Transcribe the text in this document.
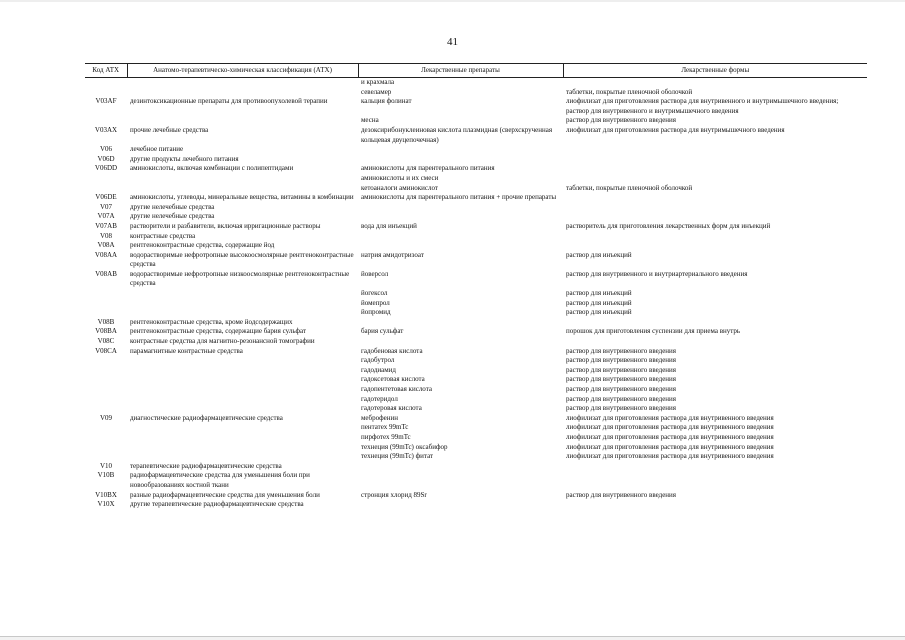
41
Код АТХ	Анатомо-терапевтическо-химическая классификация (АТХ)	Лекарственные препараты	Лекарственные формы
		и крахмала	
		севеламер	таблетки, покрытые пленочной оболочкой
V03AF	дезинтоксикационные препараты для противоопухолевой терапии	кальция фолинат	лиофилизат для приготовления раствора для внутривенного и внутримышечного введения;
			раствор для внутривенного и внутримышечного введения
		месна	раствор для внутривенного введения
V03AX	прочие лечебные средства	дезоксирибонуклеиновая кислота плазмидная (сверхскрученная кольцевая двуцепочечная)	лиофилизат для приготовления раствора для внутримышечного введения
V06	лечебное питание		
V06D	другие продукты лечебного питания		
V06DD	аминокислоты, включая комбинации с полипептидами	аминокислоты для парентерального питания	
		аминокислоты и их смеси	
		кетоаналоги аминокислот	таблетки, покрытые пленочной оболочкой
V06DE	аминокислоты, углеводы, минеральные вещества, витамины в комбинации	аминокислоты для парентерального питания + прочие препараты	
V07	другие нелечебные средства		
V07A	другие нелечебные средства		
V07AB	растворители и разбавители, включая ирригационные растворы	вода для инъекций	растворитель для приготовления лекарственных форм для инъекций
V08	контрастные средства		
V08A	рентгеноконтрастные средства, содержащие йод		
V08AA	водорастворимые нефротропные высокоосмолярные рентгеноконтрастные средства	натрия амидотризоат	раствор для инъекций
V08AB	водорастворимые нефротропные низкоосмолярные рентгеноконтрастные средства	йоверсол	раствор для внутривенного и внутриартериального введения

		йогексол	раствор для инъекций
		йомепрол	раствор для инъекций
		йопромид	раствор для инъекций
V08B	рентгеноконтрастные средства, кроме йодсодержащих		
V08BA	рентгеноконтрастные средства, содержащие бария сульфат	бария сульфат	порошок для приготовления суспензии для приема внутрь
V08C	контрастные средства для магнитно-резонансной томографии		
V08CA	парамагнитные контрастные средства	гадобеновая кислота	раствор для внутривенного введения
		гадобутрол	раствор для внутривенного введения
		гадодиамид	раствор для внутривенного введения
		гадоксетовая кислота	раствор для внутривенного введения
		гадопентетовая кислота	раствор для внутривенного введения
		гадотеридол	раствор для внутривенного введения
		гадотеровая кислота	раствор для внутривенного введения
V09	диагностические радиофармацевтические средства	меброфенин	лиофилизат для приготовления раствора для внутривенного введения
		пентатех 99mTc	лиофилизат для приготовления раствора для внутривенного введения
		пирфотех 99mTc	лиофилизат для приготовления раствора для внутривенного введения
		технеция (99mTc) оксабифор	лиофилизат для приготовления раствора для внутривенного введения
		технеция (99mTc) фитат	лиофилизат для приготовления раствора для внутривенного введения
V10	терапевтические радиофармацевтические средства		
V10B	радиофармацевтические средства для уменьшения боли при новообразованиях костной ткани		
V10BX	разные радиофармацевтические средства для уменьшения боли	стронция хлорид 89Sr	раствор для внутривенного введения
V10X	другие терапевтические радиофармацевтические средства		
